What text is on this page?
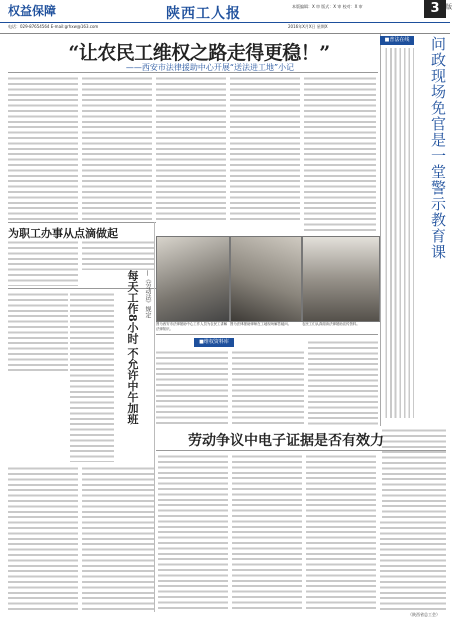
权益保障	陕西工人报	本版编辑：X 审 版式：X 审 校对：X 审	3	版
电话：029-87654564 E-mail:grhxw@163.com	2016年X月X日 星期X
“让农民工维权之路走得更稳！”
——西安市法律援助中心开展“送法进工地”小记
■普法在线	问政现场免官是一堂警示教育课
为职工办事从点滴做起
每天工作8小时 不允许中午加班 —《劳动法》规定
图为西安市法律援助中心工作人员为农民工讲解法律知识。
图为法律援助律师在工地现场解答疑问。	农民工们认真阅读法律援助宣传资料。
■维权资料库
劳动争议中电子证据是否有效力
（陕西省总工会）
